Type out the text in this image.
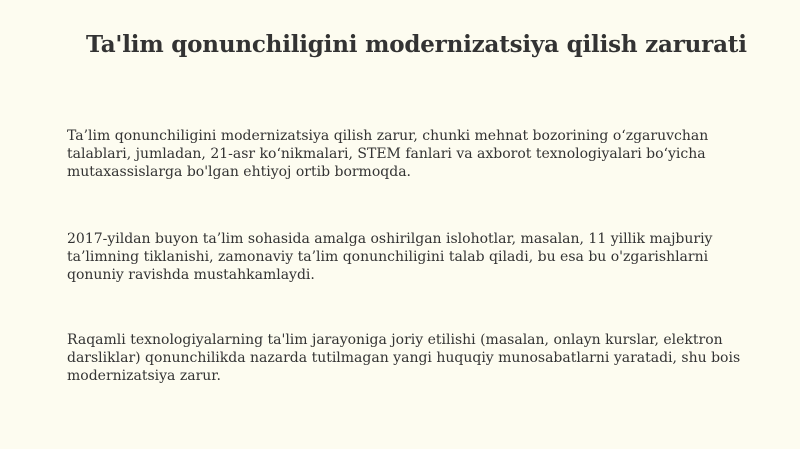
Ta'lim qonunchiligini modernizatsiya qilish zarurati

Ta’lim qonunchiligini modernizatsiya qilish zarur, chunki mehnat bozorining o‘zgaruvchan talablari, jumladan, 21-asr ko‘nikmalari, STEM fanlari va axborot texnologiyalari bo‘yicha mutaxassislarga bo'lgan ehtiyoj ortib bormoqda.

2017-yildan buyon ta’lim sohasida amalga oshirilgan islohotlar, masalan, 11 yillik majburiy ta’limning tiklanishi, zamonaviy ta’lim qonunchiligini talab qiladi, bu esa bu o'zgarishlarni qonuniy ravishda mustahkamlaydi.

Raqamli texnologiyalarning ta'lim jarayoniga joriy etilishi (masalan, onlayn kurslar, elektron darsliklar) qonunchilikda nazarda tutilmagan yangi huquqiy munosabatlarni yaratadi, shu bois modernizatsiya zarur.
